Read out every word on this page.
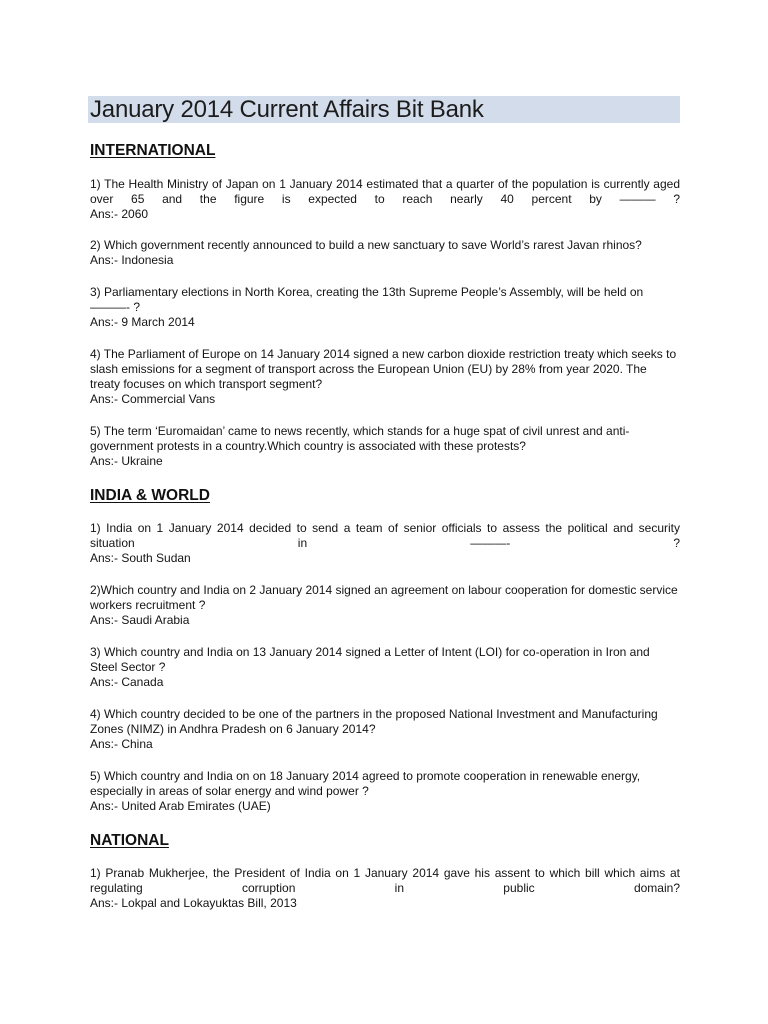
January 2014 Current Affairs Bit Bank
INTERNATIONAL
1) The Health Ministry of Japan on 1 January 2014 estimated that a quarter of the population is currently aged over 65 and the figure is expected to reach nearly 40 percent by ——— ?
Ans:- 2060
2) Which government recently announced to build a new sanctuary to save World’s rarest Javan rhinos?
Ans:- Indonesia
3) Parliamentary elections in North Korea, creating the 13th Supreme People’s Assembly, will be held on ———- ?
Ans:- 9 March 2014
4) The Parliament of Europe on 14 January 2014 signed a new carbon dioxide restriction treaty which seeks to slash emissions for a segment of transport across the European Union (EU) by 28% from year 2020. The treaty focuses on which transport segment?
Ans:- Commercial Vans
5) The term ‘Euromaidan’ came to news recently, which stands for a huge spat of civil unrest and anti-government protests in a country.Which country is associated with these protests?
Ans:- Ukraine
INDIA & WORLD
1) India on 1 January 2014 decided to send a team of senior officials to assess the political and security situation in ———- ?
Ans:- South Sudan
2)Which country and India on 2 January 2014 signed an agreement on labour cooperation for domestic service workers recruitment ?
Ans:- Saudi Arabia
3) Which country and India on 13 January 2014 signed a Letter of Intent (LOI) for co-operation in Iron and Steel Sector ?
Ans:- Canada
4) Which country decided to be one of the partners in the proposed National Investment and Manufacturing Zones (NIMZ) in Andhra Pradesh on 6 January 2014?
Ans:- China
5) Which country and India on on 18 January 2014 agreed to promote cooperation in renewable energy, especially in areas of solar energy and wind power ?
Ans:- United Arab Emirates (UAE)
NATIONAL
1) Pranab Mukherjee, the President of India on 1 January 2014 gave his assent to which bill which aims at regulating corruption in public domain?
Ans:- Lokpal and Lokayuktas Bill, 2013
